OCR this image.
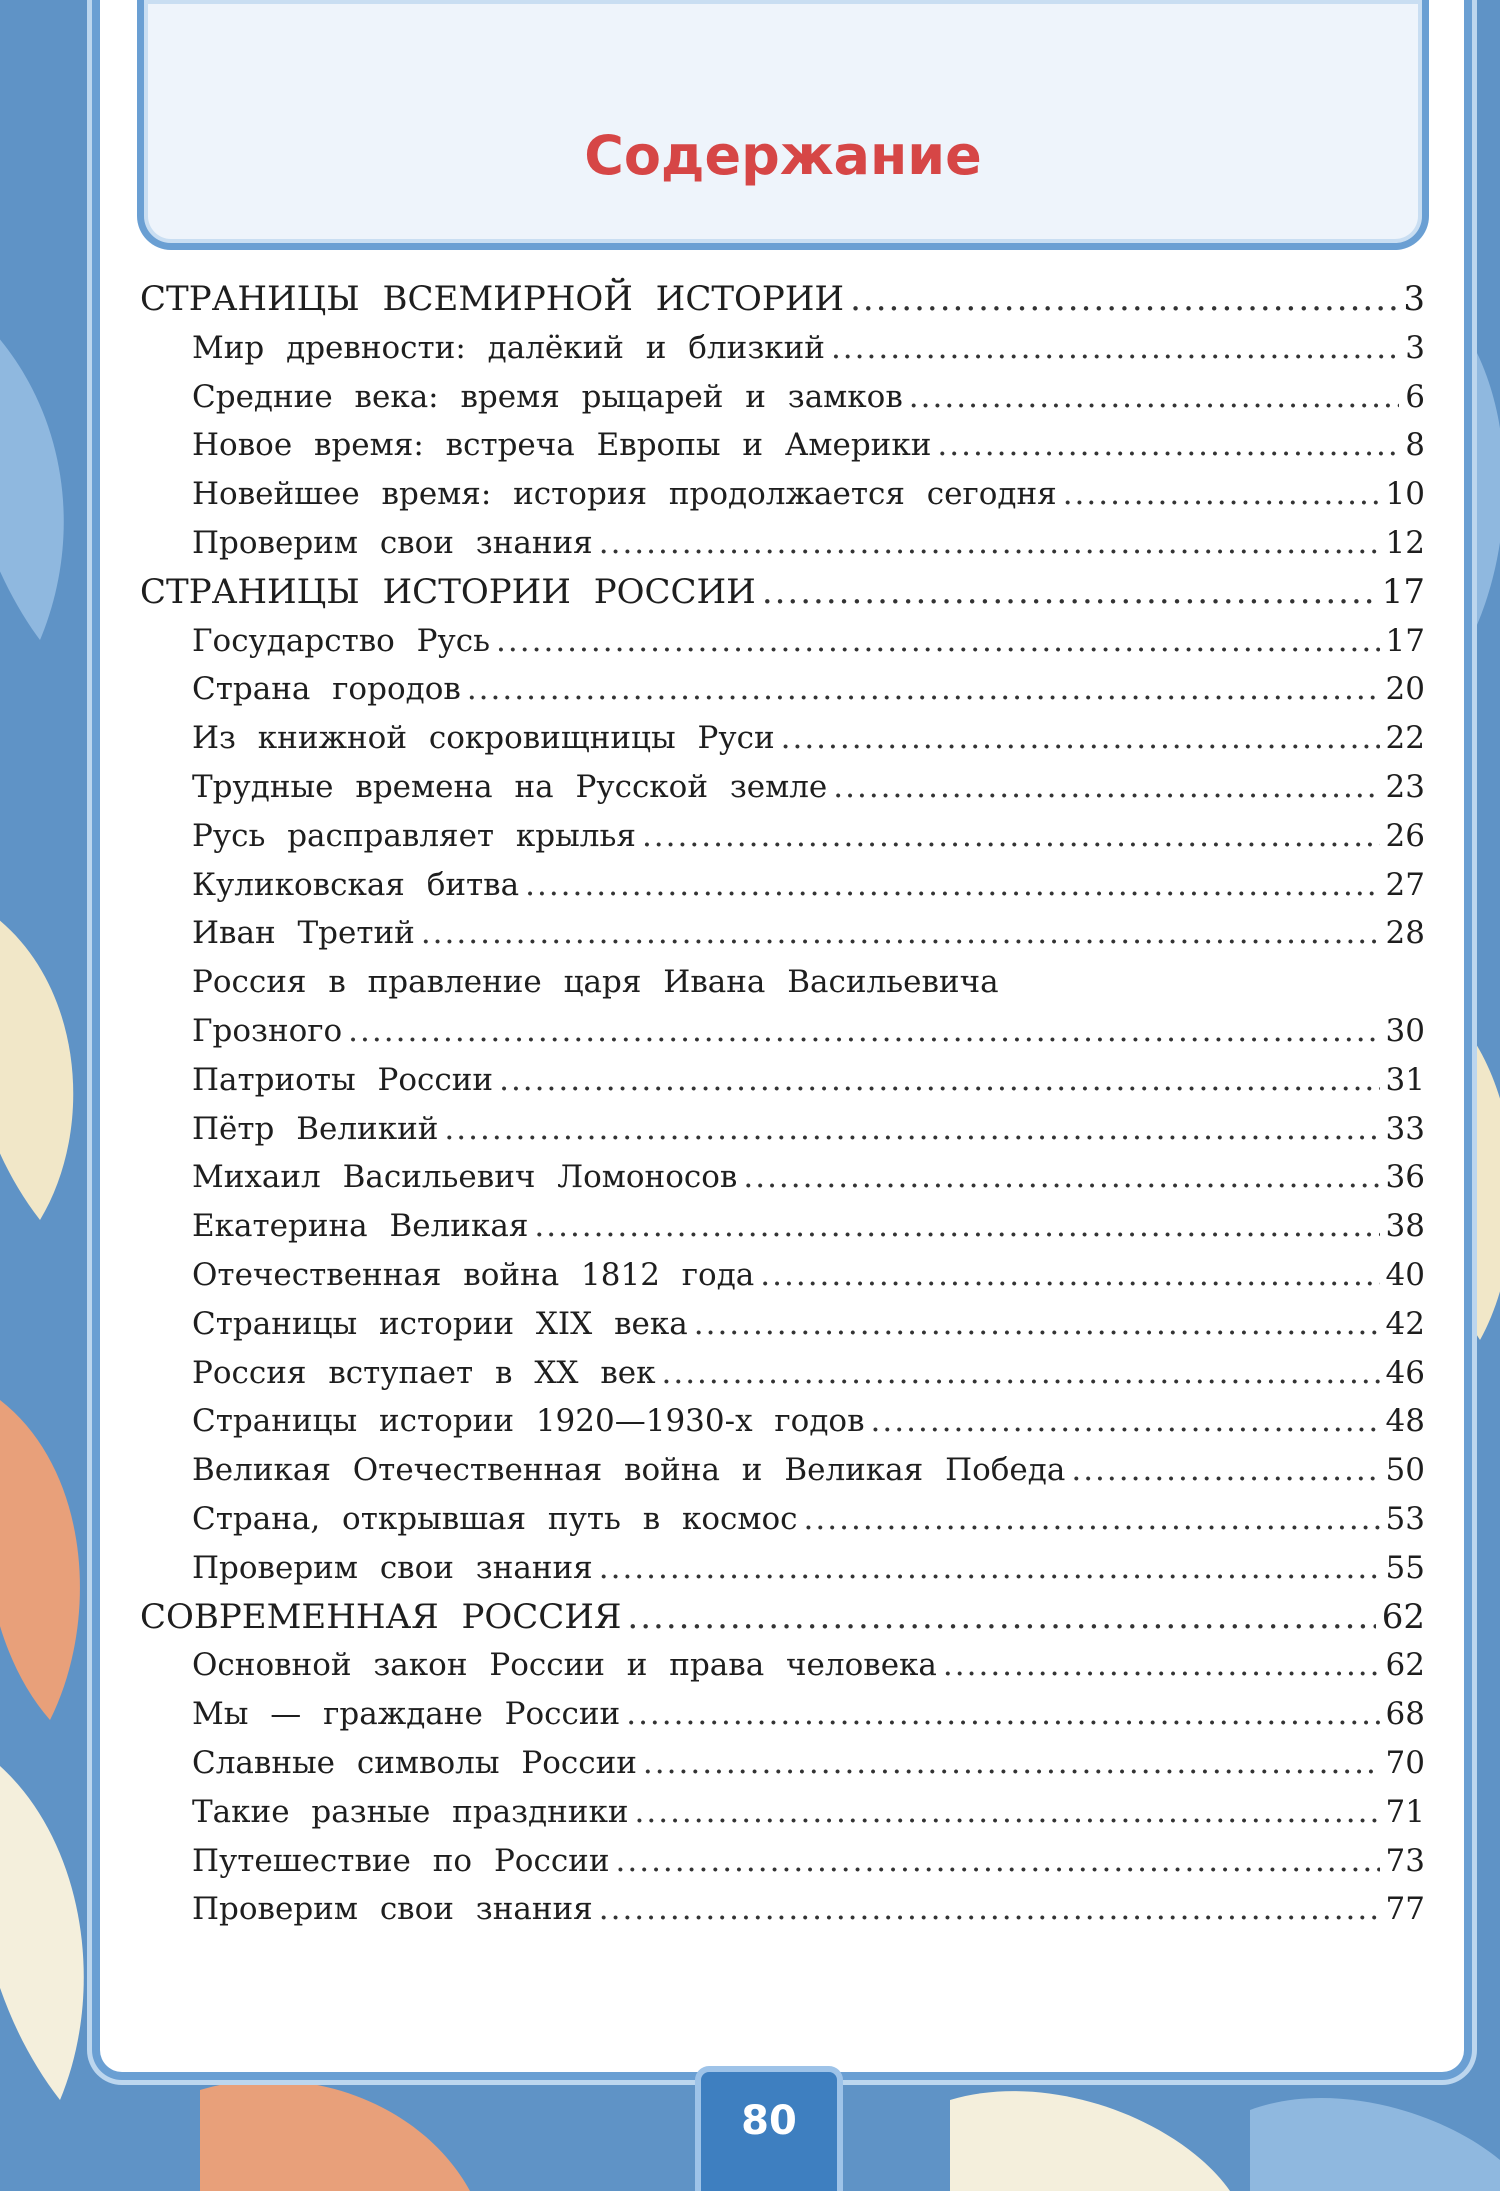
Содержание
СТРАНИЦЫ ВСЕМИРНОЙ ИСТОРИИ .....	3
Мир древности: далёкий и близкий .....	3
Средние века: время рыцарей и замков .....	6
Новое время: встреча Европы и Америки .....	8
Новейшее время: история продолжается сегодня .....	10
Проверим свои знания .....	12
СТРАНИЦЫ ИСТОРИИ РОССИИ .....	17
Государство Русь .....	17
Страна городов .....	20
Из книжной сокровищницы Руси .....	22
Трудные времена на Русской земле .....	23
Русь расправляет крылья .....	26
Куликовская битва .....	27
Иван Третий .....	28
Россия в правление царя Ивана Васильевича
Грозного .....	30
Патриоты России .....	31
Пётр Великий .....	33
Михаил Васильевич Ломоносов .....	36
Екатерина Великая .....	38
Отечественная война 1812 года .....	40
Страницы истории XIX века .....	42
Россия вступает в XX век .....	46
Страницы истории 1920—1930-х годов .....	48
Великая Отечественная война и Великая Победа .....	50
Страна, открывшая путь в космос .....	53
Проверим свои знания .....	55
СОВРЕМЕННАЯ РОССИЯ .....	62
Основной закон России и права человека .....	62
Мы — граждане России .....	68
Славные символы России .....	70
Такие разные праздники .....	71
Путешествие по России .....	73
Проверим свои знания .....	77
80
